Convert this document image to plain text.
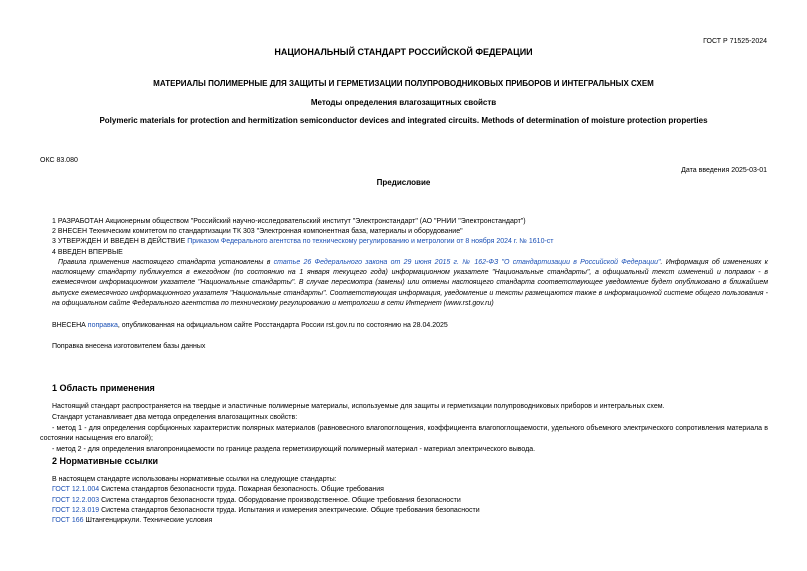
ГОСТ Р 71525-2024
НАЦИОНАЛЬНЫЙ СТАНДАРТ РОССИЙСКОЙ ФЕДЕРАЦИИ
МАТЕРИАЛЫ ПОЛИМЕРНЫЕ ДЛЯ ЗАЩИТЫ И ГЕРМЕТИЗАЦИИ ПОЛУПРОВОДНИКОВЫХ ПРИБОРОВ И ИНТЕГРАЛЬНЫХ СХЕМ
Методы определения влагозащитных свойств
Polymeric materials for protection and hermitization semiconductor devices and integrated circuits. Methods of determination of moisture protection properties
ОКС 83.080
Дата введения 2025-03-01
Предисловие
1 РАЗРАБОТАН Акционерным обществом "Российский научно-исследовательский институт "Электронстандарт" (АО "РНИИ "Электронстандарт")
2 ВНЕСЕН Техническим комитетом по стандартизации ТК 303 "Электронная компонентная база, материалы и оборудование"
3 УТВЕРЖДЕН И ВВЕДЕН В ДЕЙСТВИЕ Приказом Федерального агентства по техническому регулированию и метрологии от 8 ноября 2024 г. № 1610-ст
4 ВВЕДЕН ВПЕРВЫЕ
Правила применения настоящего стандарта установлены в статье 26 Федерального закона от 29 июня 2015 г. № 162-ФЗ "О стандартизации в Российской Федерации". Информация об изменениях к настоящему стандарту публикуется в ежегодном (по состоянию на 1 января текущего года) информационном указателе "Национальные стандарты", а официальный текст изменений и поправок - в ежемесячном информационном указателе "Национальные стандарты". В случае пересмотра (замены) или отмены настоящего стандарта соответствующее уведомление будет опубликовано в ближайшем выпуске ежемесячного информационного указателя "Национальные стандарты". Соответствующая информация, уведомление и тексты размещаются также в информационной системе общего пользования - на официальном сайте Федерального агентства по техническому регулированию и метрологии в сети Интернет (www.rst.gov.ru)
ВНЕСЕНА поправка, опубликованная на официальном сайте Росстандарта России rst.gov.ru по состоянию на 28.04.2025
Поправка внесена изготовителем базы данных
1 Область применения
Настоящий стандарт распространяется на твердые и эластичные полимерные материалы, используемые для защиты и герметизации полупроводниковых приборов и интегральных схем.
Стандарт устанавливает два метода определения влагозащитных свойств:
- метод 1 - для определения сорбционных характеристик полярных материалов (равновесного влагопоглощения, коэффициента влагопоглощаемости, удельного объемного электрического сопротивления материала в состоянии насыщения его влагой);
- метод 2 - для определения влагопроницаемости по границе раздела герметизирующий полимерный материал - материал электрического вывода.
2 Нормативные ссылки
В настоящем стандарте использованы нормативные ссылки на следующие стандарты:
ГОСТ 12.1.004 Система стандартов безопасности труда. Пожарная безопасность. Общие требования
ГОСТ 12.2.003 Система стандартов безопасности труда. Оборудование производственное. Общие требования безопасности
ГОСТ 12.3.019 Система стандартов безопасности труда. Испытания и измерения электрические. Общие требования безопасности
ГОСТ 166 Штангенциркули. Технические условия
